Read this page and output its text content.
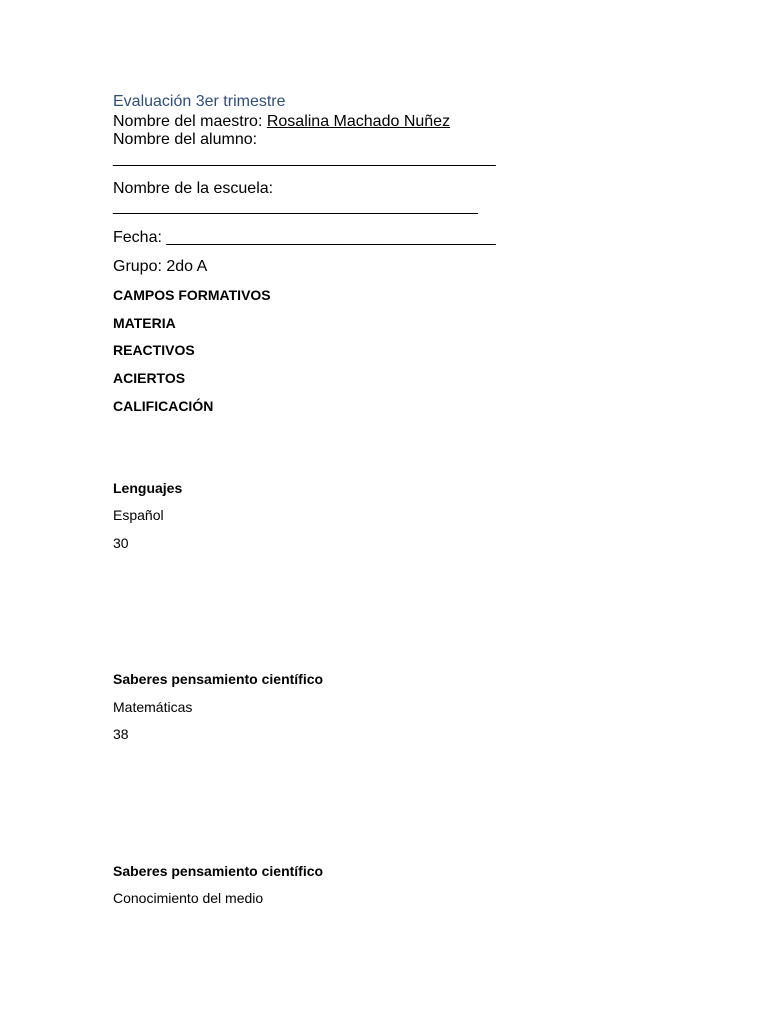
Evaluación 3er trimestre
Nombre del maestro: Rosalina Machado Nuñez
Nombre del alumno:
___________________________________________
Nombre de la escuela:
_________________________________________
Fecha: _____________________________________
Grupo: 2do A
CAMPOS FORMATIVOS
MATERIA
REACTIVOS
ACIERTOS
CALIFICACIÓN
Lenguajes
Español
30
Saberes pensamiento científico
Matemáticas
38
Saberes pensamiento científico
Conocimiento del medio
